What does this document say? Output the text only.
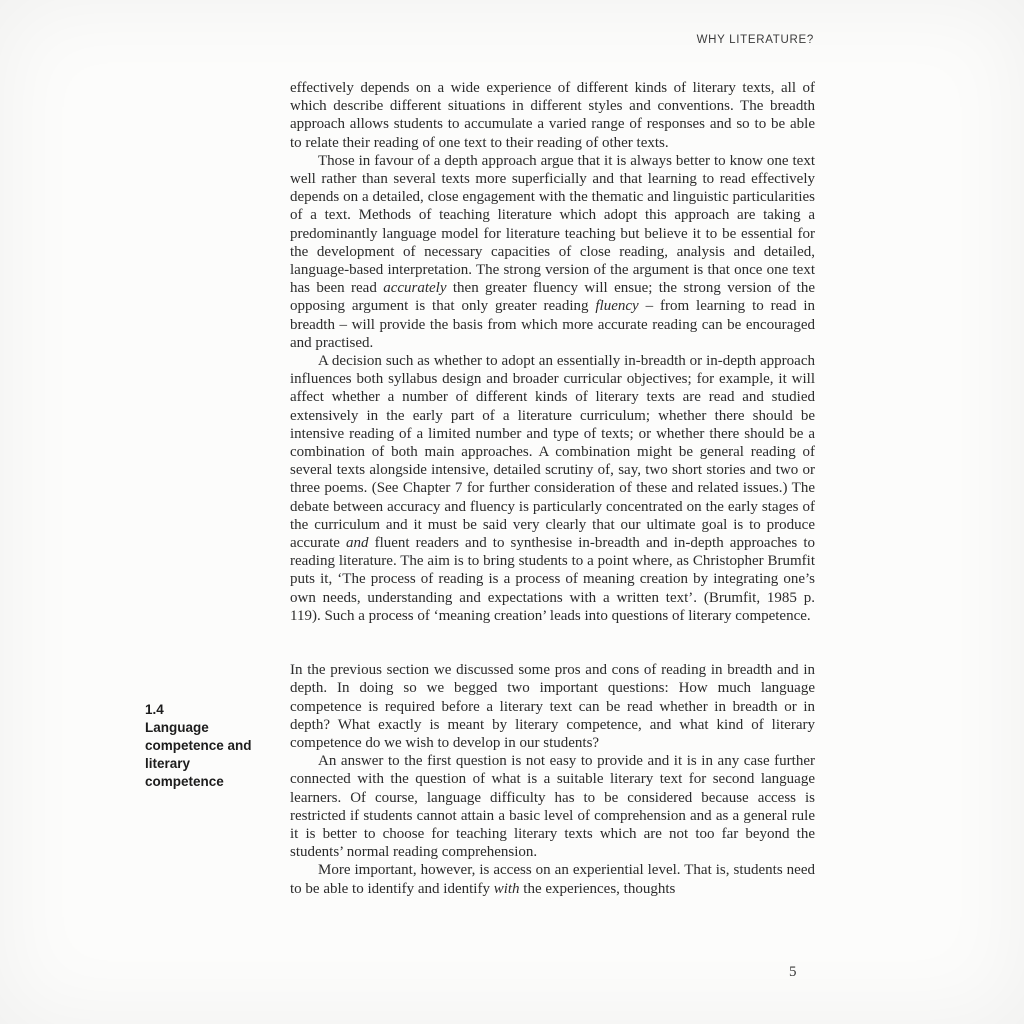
WHY LITERATURE?
1.4
Language competence and literary competence

effectively depends on a wide experience of different kinds of literary texts, all of which describe different situations in different styles and conventions. The breadth approach allows students to accumulate a varied range of responses and so to be able to relate their reading of one text to their reading of other texts.

Those in favour of a depth approach argue that it is always better to know one text well rather than several texts more superficially and that learning to read effectively depends on a detailed, close engagement with the thematic and linguistic particularities of a text. Methods of teaching literature which adopt this approach are taking a predominantly language model for literature teaching but believe it to be essential for the development of necessary capacities of close reading, analysis and detailed, language-based interpretation. The strong version of the argument is that once one text has been read accurately then greater fluency will ensue; the strong version of the opposing argument is that only greater reading fluency – from learning to read in breadth – will provide the basis from which more accurate reading can be encouraged and practised.

A decision such as whether to adopt an essentially in-breadth or in-depth approach influences both syllabus design and broader curricular objectives; for example, it will affect whether a number of different kinds of literary texts are read and studied extensively in the early part of a literature curriculum; whether there should be intensive reading of a limited number and type of texts; or whether there should be a combination of both main approaches. A combination might be general reading of several texts alongside intensive, detailed scrutiny of, say, two short stories and two or three poems. (See Chapter 7 for further consideration of these and related issues.) The debate between accuracy and fluency is particularly concentrated on the early stages of the curriculum and it must be said very clearly that our ultimate goal is to produce accurate and fluent readers and to synthesise in-breadth and in-depth approaches to reading literature. The aim is to bring students to a point where, as Christopher Brumfit puts it, ‘The process of reading is a process of meaning creation by integrating one’s own needs, understanding and expectations with a written text’. (Brumfit, 1985 p. 119). Such a process of ‘meaning creation’ leads into questions of literary competence.

In the previous section we discussed some pros and cons of reading in breadth and in depth. In doing so we begged two important questions: How much language competence is required before a literary text can be read whether in breadth or in depth? What exactly is meant by literary competence, and what kind of literary competence do we wish to develop in our students?

An answer to the first question is not easy to provide and it is in any case further connected with the question of what is a suitable literary text for second language learners. Of course, language difficulty has to be considered because access is restricted if students cannot attain a basic level of comprehension and as a general rule it is better to choose for teaching literary texts which are not too far beyond the students’ normal reading comprehension.

More important, however, is access on an experiential level. That is, students need to be able to identify and identify with the experiences, thoughts

5
